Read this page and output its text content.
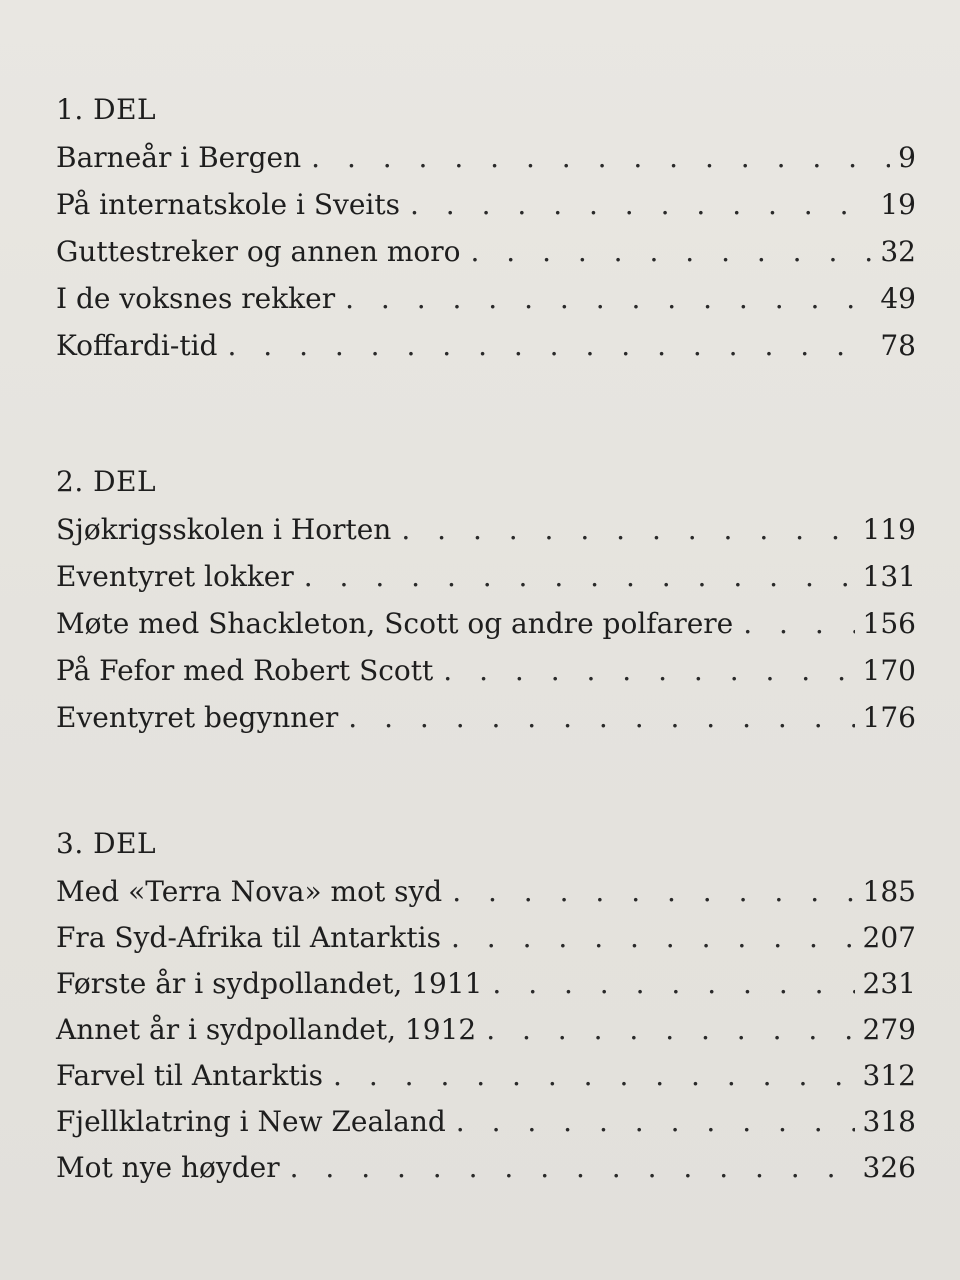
1. DEL
Barneår i Bergen . . .	9
På internatskole i Sveits . . .	19
Guttestreker og annen moro . . .	32
I de voksnes rekker . . .	49
Koffardi-tid . . .	78
2. DEL
Sjøkrigsskolen i Horten . . .	119
Eventyret lokker . . .	131
Møte med Shackleton, Scott og andre polfarere . . .	156
På Fefor med Robert Scott . . .	170
Eventyret begynner . . .	176
3. DEL
Med «Terra Nova» mot syd . . .	185
Fra Syd-Afrika til Antarktis . . .	207
Første år i sydpollandet, 1911 . . .	231
Annet år i sydpollandet, 1912 . . .	279
Farvel til Antarktis . . .	312
Fjellklatring i New Zealand . . .	318
Mot nye høyder . . .	326
